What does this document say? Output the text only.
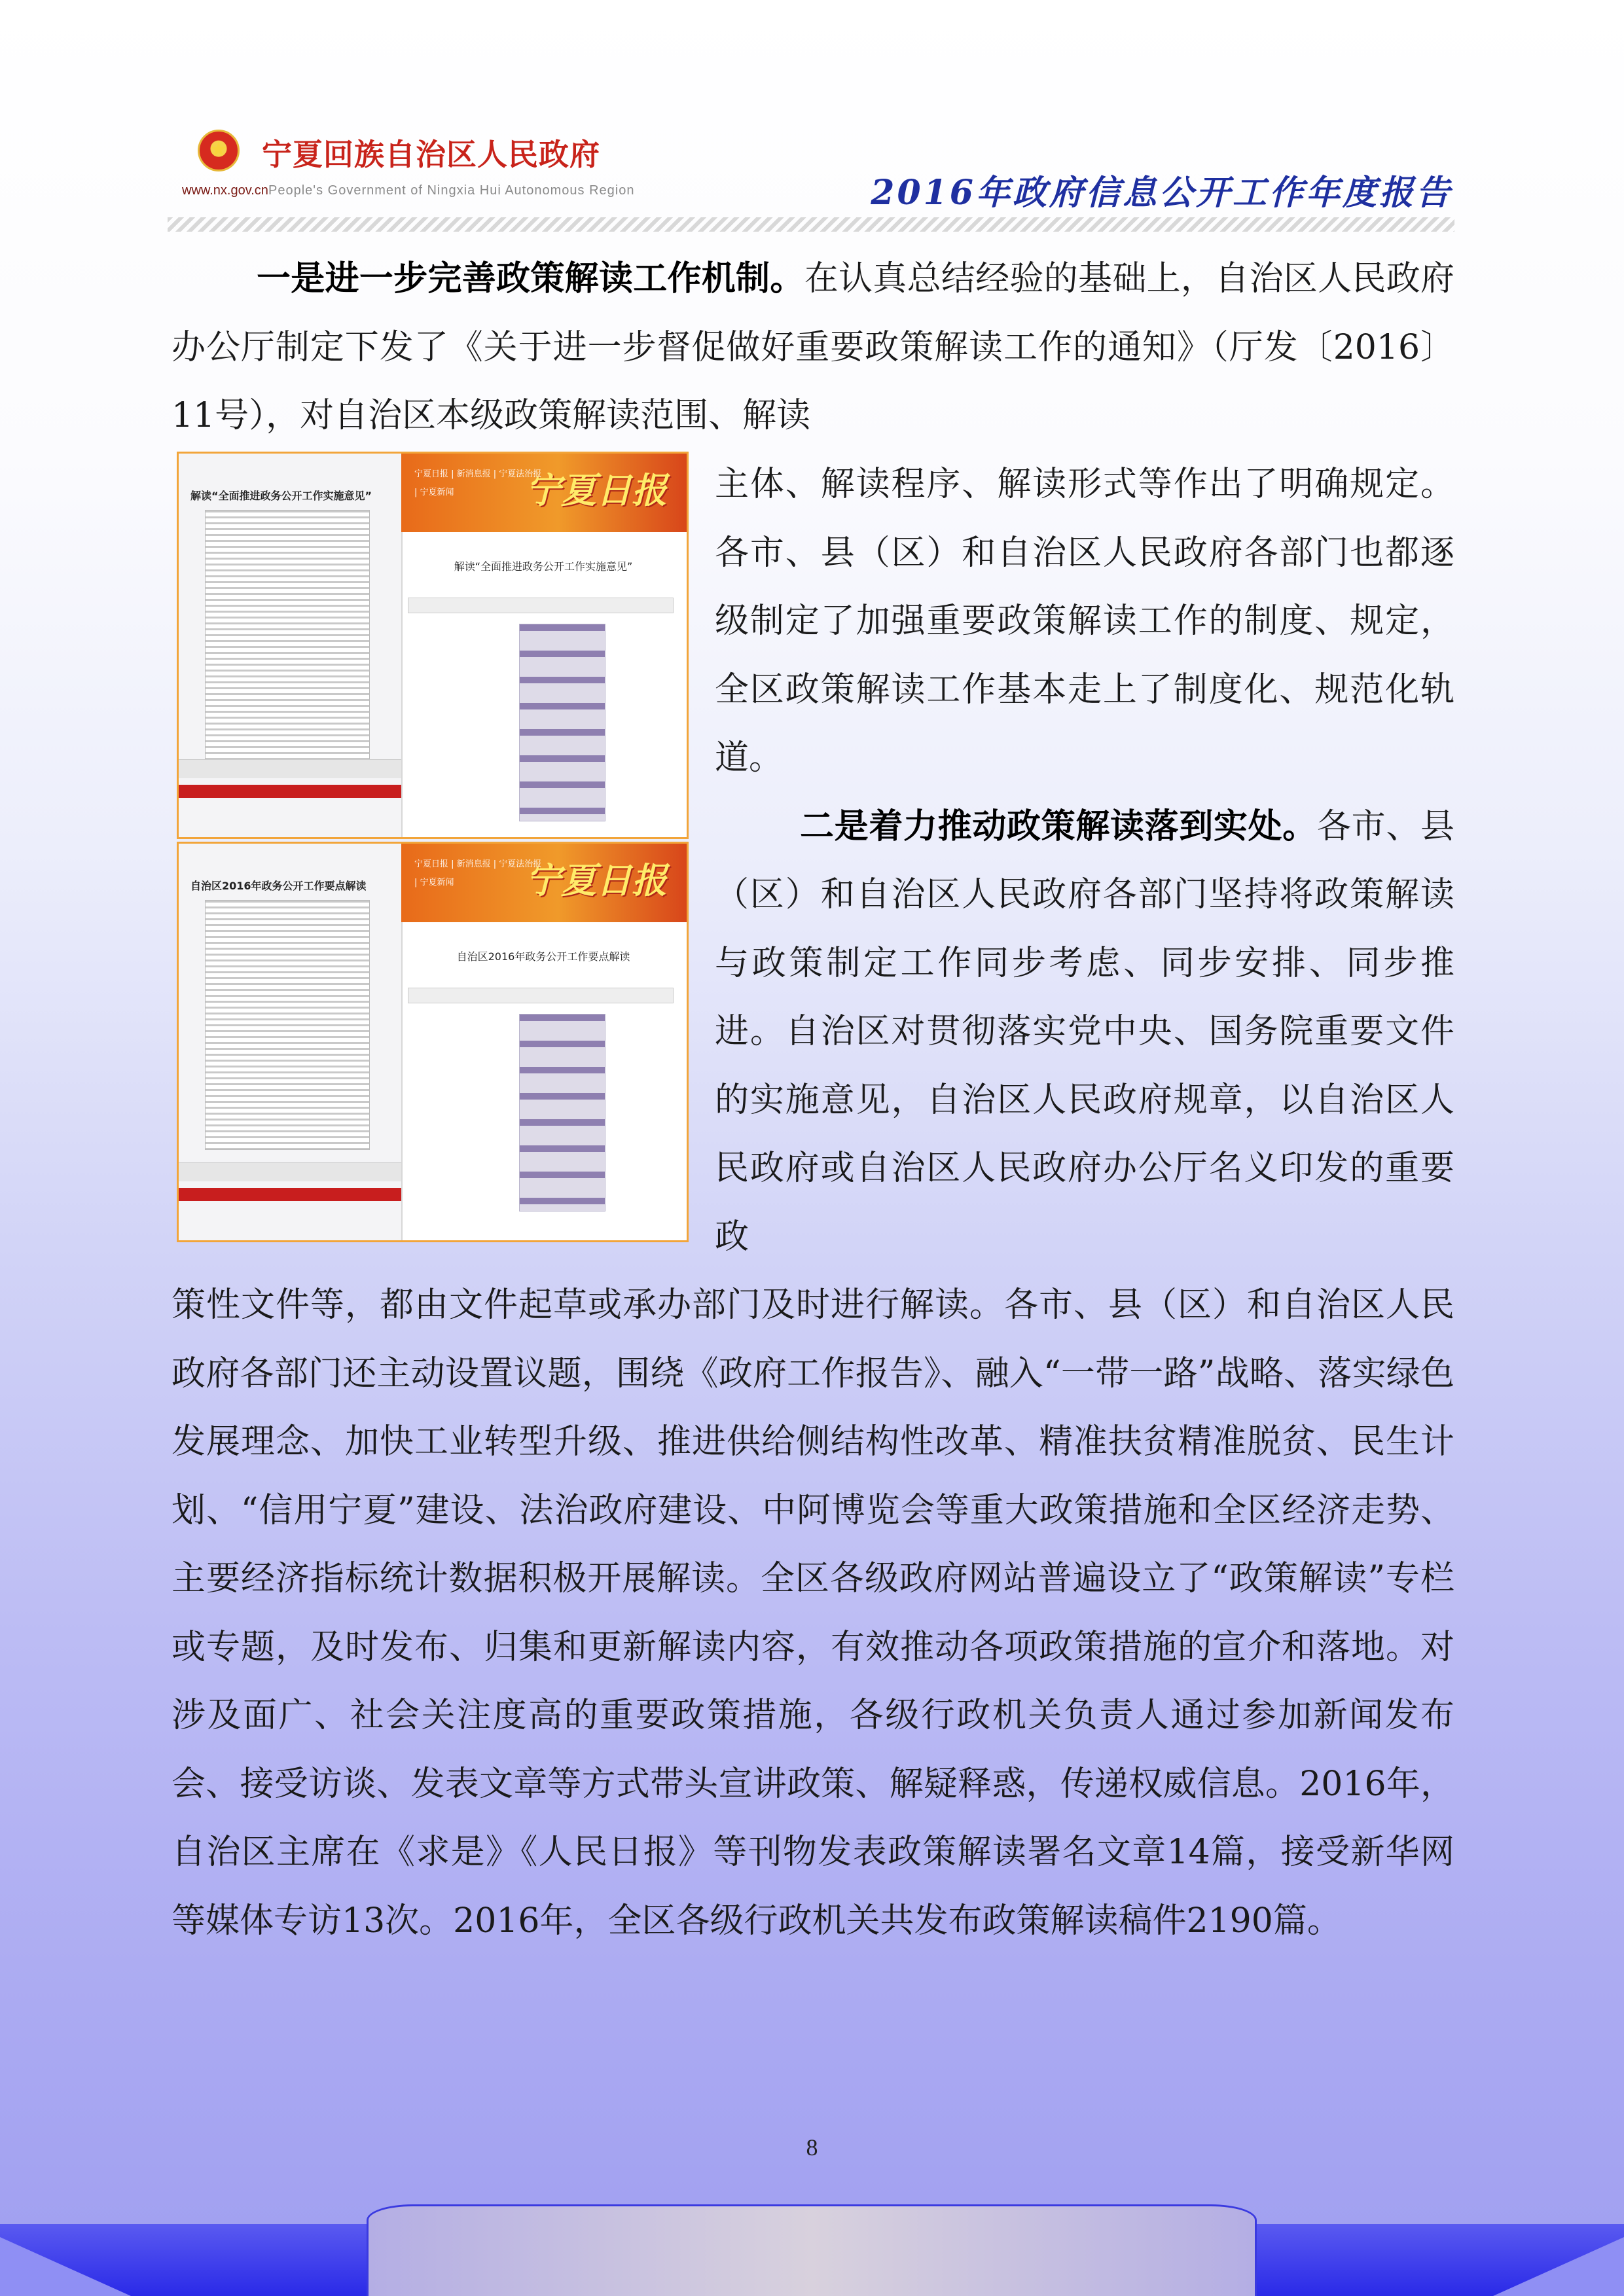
★
宁夏回族自治区人民政府
www.nx.gov.cn People's Government of Ningxia Hui Autonomous Region	2016年政府信息公开工作年度报告

一是进一步完善政策解读工作机制。在认真总结经验的基础上，自治区人民政府办公厅制定下发了《关于进一步督促做好重要政策解读工作的通知》（厅发〔2016〕11号），对自治区本级政策解读范围、解读

主体、解读程序、解读形式等作出了明确规定。各市、县（区）和自治区人民政府各部门也都逐级制定了加强重要政策解读工作的制度、规定，全区政策解读工作基本走上了制度化、规范化轨道。

二是着力推动政策解读落到实处。各市、县（区）和自治区人民政府各部门坚持将政策解读与政策制定工作同步考虑、同步安排、同步推进。自治区对贯彻落实党中央、国务院重要文件的实施意见，自治区人民政府规章，以自治区人民政府或自治区人民政府办公厅名义印发的重要政

解读“全面推进政务公开工作实施意见”	宁夏日报
宁夏日报 | 新消息报 | 宁夏法治报 | 宁夏新闻
解读“全面推进政务公开工作实施意见”
自治区2016年政务公开工作要点解读	宁夏日报
宁夏日报 | 新消息报 | 宁夏法治报 | 宁夏新闻
自治区2016年政务公开工作要点解读

策性文件等，都由文件起草或承办部门及时进行解读。各市、县（区）和自治区人民政府各部门还主动设置议题，围绕《政府工作报告》、融入“一带一路”战略、落实绿色发展理念、加快工业转型升级、推进供给侧结构性改革、精准扶贫精准脱贫、民生计划、“信用宁夏”建设、法治政府建设、中阿博览会等重大政策措施和全区经济走势、主要经济指标统计数据积极开展解读。全区各级政府网站普遍设立了“政策解读”专栏或专题，及时发布、归集和更新解读内容，有效推动各项政策措施的宣介和落地。对涉及面广、社会关注度高的重要政策措施，各级行政机关负责人通过参加新闻发布会、接受访谈、发表文章等方式带头宣讲政策、解疑释惑，传递权威信息。2016年，自治区主席在《求是》《人民日报》等刊物发表政策解读署名文章14篇，接受新华网等媒体专访13次。2016年，全区各级行政机关共发布政策解读稿件2190篇。

8
